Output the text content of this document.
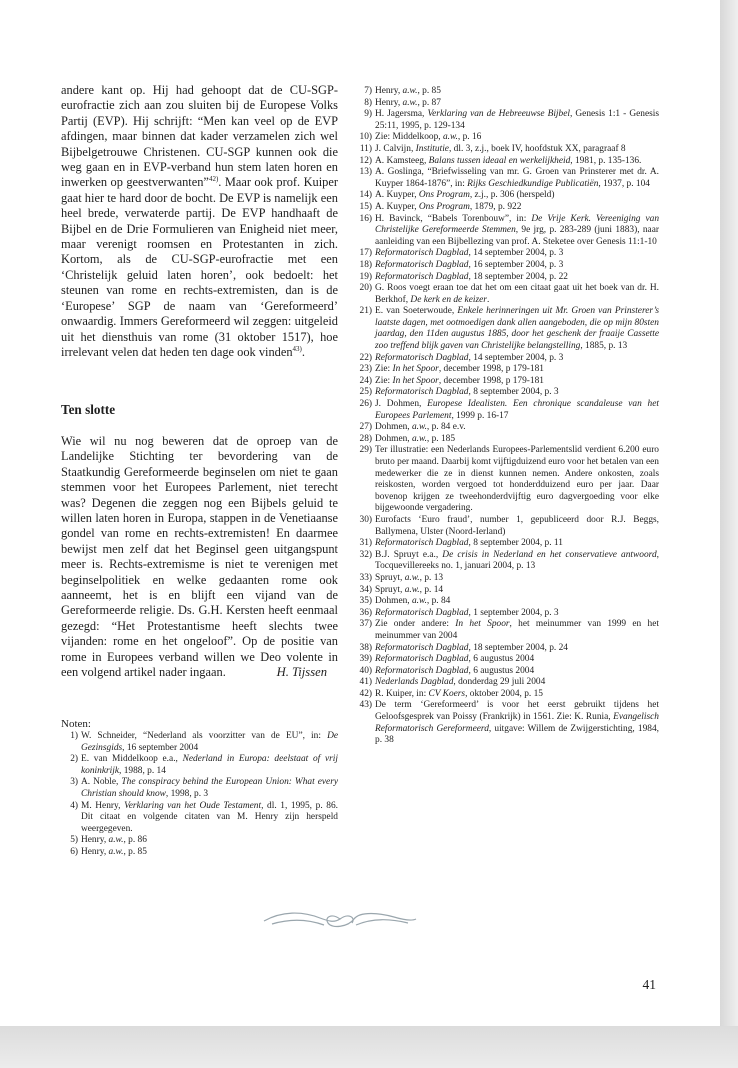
andere kant op. Hij had gehoopt dat de CU-SGP-eurofractie zich aan zou sluiten bij de Europese Volks Partij (EVP). Hij schrijft: “Men kan veel op de EVP afdingen, maar binnen dat kader verzamelen zich wel Bijbelgetrouwe Christenen. CU-SGP kunnen ook die weg gaan en in EVP-verband hun stem laten horen en inwerken op geestverwanten”$^{42)}$. Maar ook prof. Kuiper gaat hier te hard door de bocht. De EVP is namelijk een heel brede, verwaterde partij. De EVP handhaaft de Bijbel en de Drie Formulieren van Enigheid niet meer, maar verenigt roomsen en Protestanten in zich. Kortom, als de CU-SGP-eurofractie met een ‘Christelijk geluid laten horen’, ook bedoelt: het steunen van rome en rechts-extremisten, dan is de ‘Europese’ SGP de naam van ‘Gereformeerd’ onwaardig. Immers Gereformeerd wil zeggen: uitgeleid uit het diensthuis van rome (31 oktober 1517), hoe irrelevant velen dat heden ten dage ook vinden$^{43)}$.

Ten slotte

Wie wil nu nog beweren dat de oproep van de Landelijke Stichting ter bevordering van de Staatkundig Gereformeerde beginselen om niet te gaan stemmen voor het Europees Parlement, niet terecht was? Degenen die zeggen nog een Bijbels geluid te willen laten horen in Europa, stappen in de Venetiaanse gondel van rome en rechts-extremisten! En daarmee bewijst men zelf dat het Beginsel geen uitgangspunt meer is. Rechts-extremisme is niet te verenigen met beginselpolitiek en welke gedaanten rome ook aanneemt, het is en blijft een vijand van de Gereformeerde religie. Ds. G.H. Kersten heeft eenmaal gezegd: “Het Protestantisme heeft slechts twee vijanden: rome en het ongeloof”. Op de positie van rome in Europees verband willen we Deo volente in een volgend artikel nader ingaan.	H. Tijssen
Noten:
1) W. Schneider, “Nederland als voorzitter van de EU”, in: De Gezinsgids, 16 september 2004
2) E. van Middelkoop e.a., Nederland in Europa: deelstaat of vrij koninkrijk, 1988, p. 14
3) A. Noble, The conspiracy behind the European Union: What every Christian should know, 1998, p. 3
4) M. Henry, Verklaring van het Oude Testament, dl. 1, 1995, p. 86. Dit citaat en volgende citaten van M. Henry zijn herspeld weergegeven.
5) Henry, a.w., p. 86
6) Henry, a.w., p. 85
7) Henry, a.w., p. 85
8) Henry, a.w., p. 87
9) H. Jagersma, Verklaring van de Hebreeuwse Bijbel, Genesis 1:1 - Genesis 25:11, 1995, p. 129-134
10) Zie: Middelkoop, a.w., p. 16
11) J. Calvijn, Institutie, dl. 3, z.j., boek IV, hoofdstuk XX, paragraaf 8
12) A. Kamsteeg, Balans tussen ideaal en werkelijkheid, 1981, p. 135-136.
13) A. Goslinga, “Briefwisseling van mr. G. Groen van Prinsterer met dr. A. Kuyper 1864-1876”, in: Rijks Geschiedkundige Publicatiën, 1937, p. 104
14) A. Kuyper, Ons Program, z.j., p. 306 (herspeld)
15) A. Kuyper, Ons Program, 1879, p. 922
16) H. Bavinck, “Babels Torenbouw”, in: De Vrije Kerk. Vereeniging van Christelijke Gereformeerde Stemmen, 9e jrg, p. 283-289 (juni 1883), naar aanleiding van een Bijbellezing van prof. A. Steketee over Genesis 11:1-10
17) Reformatorisch Dagblad, 14 september 2004, p. 3
18) Reformatorisch Dagblad, 16 september 2004, p. 3
19) Reformatorisch Dagblad, 18 september 2004, p. 22
20) G. Roos voegt eraan toe dat het om een citaat gaat uit het boek van dr. H. Berkhof, De kerk en de keizer.
21) E. van Soeterwoude, Enkele herinneringen uit Mr. Groen van Prinsterer’s laatste dagen, met ootmoedigen dank allen aangeboden, die op mijn 80sten jaardag, den 11den augustus 1885, door het geschenk der fraaije Cassette zoo treffend blijk gaven van Christelijke belangstelling, 1885, p. 13
22) Reformatorisch Dagblad, 14 september 2004, p. 3
23) Zie: In het Spoor, december 1998, p 179-181
24) Zie: In het Spoor, december 1998, p 179-181
25) Reformatorisch Dagblad, 8 september 2004, p. 3
26) J. Dohmen, Europese Idealisten. Een chronique scandaleuse van het Europees Parlement, 1999 p. 16-17
27) Dohmen, a.w., p. 84 e.v.
28) Dohmen, a.w., p. 185
29) Ter illustratie: een Nederlands Europees-Parlementslid verdient 6.200 euro bruto per maand. Daarbij komt vijftigduizend euro voor het betalen van een medewerker die ze in dienst kunnen nemen. Andere onkosten, zoals reiskosten, worden vergoed tot honderdduizend euro per jaar. Daar bovenop krijgen ze tweehonderdvijftig euro dagvergoeding voor elke bijgewoonde vergadering.
30) Eurofacts ‘Euro fraud’, number 1, gepubliceerd door R.J. Beggs, Ballymena, Ulster (Noord-Ierland)
31) Reformatorisch Dagblad, 8 september 2004, p. 11
32) B.J. Spruyt e.a., De crisis in Nederland en het conservatieve antwoord, Tocquevillereeks no. 1, januari 2004, p. 13
33) Spruyt, a.w., p. 13
34) Spruyt, a.w., p. 14
35) Dohmen, a.w., p. 84
36) Reformatorisch Dagblad, 1 september 2004, p. 3
37) Zie onder andere: In het Spoor, het meinummer van 1999 en het meinummer van 2004
38) Reformatorisch Dagblad, 18 september 2004, p. 24
39) Reformatorisch Dagblad, 6 augustus 2004
40) Reformatorisch Dagblad, 6 augustus 2004
41) Nederlands Dagblad, donderdag 29 juli 2004
42) R. Kuiper, in: CV Koers, oktober 2004, p. 15
43) De term ‘Gereformeerd’ is voor het eerst gebruikt tijdens het Geloofsgesprek van Poissy (Frankrijk) in 1561. Zie: K. Runia, Evangelisch Reformatorisch Gereformeerd, uitgave: Willem de Zwijgerstichting, 1984, p. 38
41
